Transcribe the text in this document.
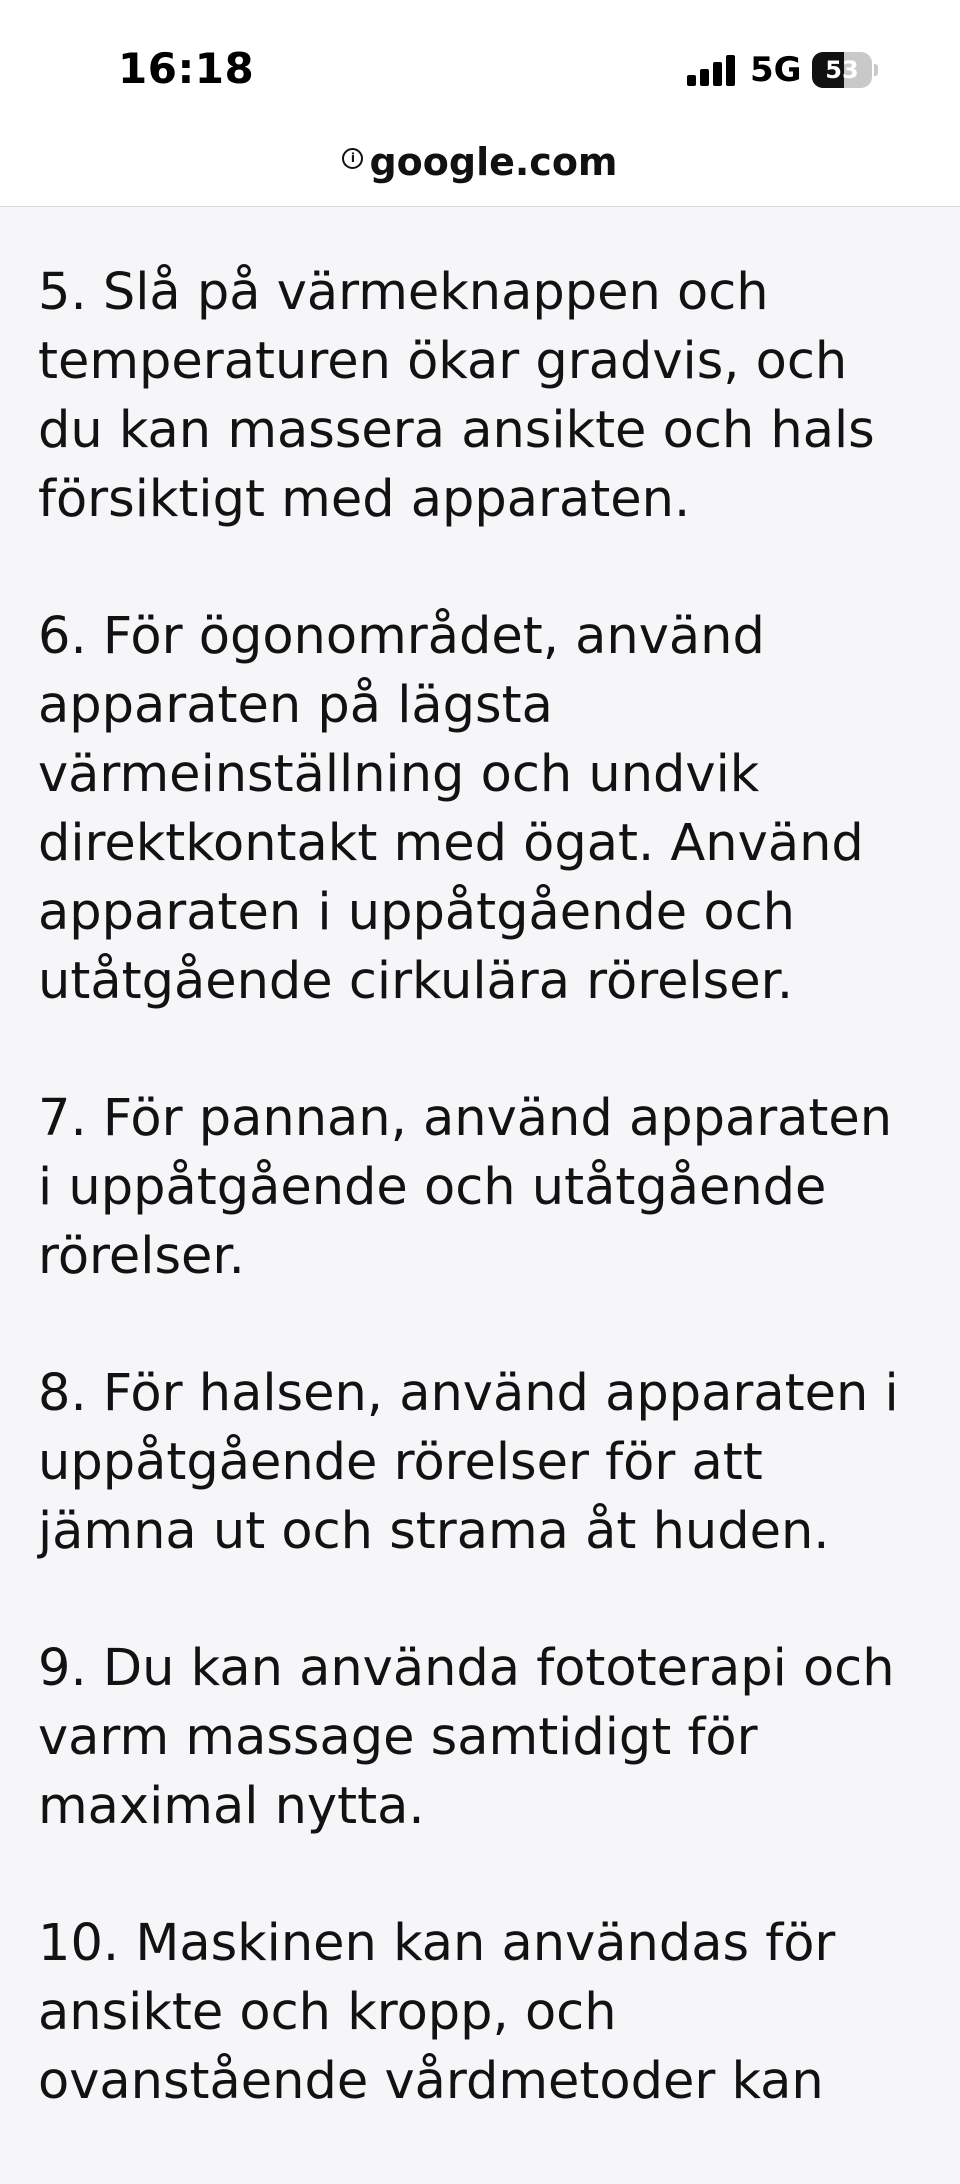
16:18	5G 53
i google.com

5. Slå på värmeknappen och
temperaturen ökar gradvis, och
du kan massera ansikte och hals
försiktigt med apparaten.

6. För ögonområdet, använd
apparaten på lägsta
värmeinställning och undvik
direktkontakt med ögat. Använd
apparaten i uppåtgående och
utåtgående cirkulära rörelser.

7. För pannan, använd apparaten
i uppåtgående och utåtgående
rörelser.

8. För halsen, använd apparaten i
uppåtgående rörelser för att
jämna ut och strama åt huden.

9. Du kan använda fototerapi och
varm massage samtidigt för
maximal nytta.

10. Maskinen kan användas för
ansikte och kropp, och
ovanstående vårdmetoder kan
